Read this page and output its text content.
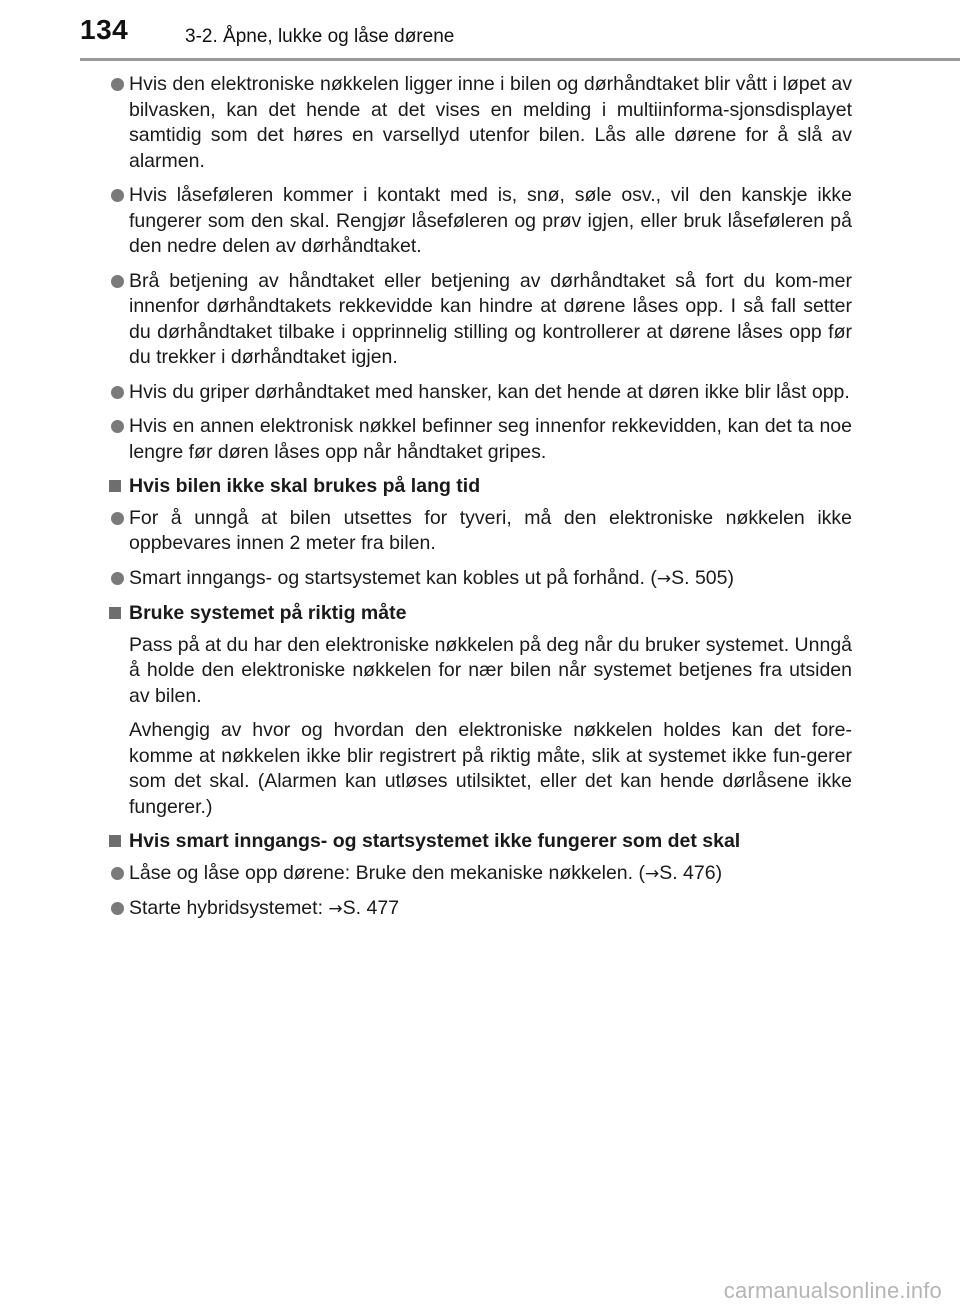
134	3-2. Åpne, lukke og låse dørene
Hvis den elektroniske nøkkelen ligger inne i bilen og dørhåndtaket blir vått i løpet av bilvasken, kan det hende at det vises en melding i multiinforma-sjonsdisplayet samtidig som det høres en varsellyd utenfor bilen. Lås alle dørene for å slå av alarmen.
Hvis låseføleren kommer i kontakt med is, snø, søle osv., vil den kanskje ikke fungerer som den skal. Rengjør låseføleren og prøv igjen, eller bruk låseføleren på den nedre delen av dørhåndtaket.
Brå betjening av håndtaket eller betjening av dørhåndtaket så fort du kom-mer innenfor dørhåndtakets rekkevidde kan hindre at dørene låses opp. I så fall setter du dørhåndtaket tilbake i opprinnelig stilling og kontrollerer at dørene låses opp før du trekker i dørhåndtaket igjen.
Hvis du griper dørhåndtaket med hansker, kan det hende at døren ikke blir låst opp.
Hvis en annen elektronisk nøkkel befinner seg innenfor rekkevidden, kan det ta noe lengre før døren låses opp når håndtaket gripes.
Hvis bilen ikke skal brukes på lang tid
For å unngå at bilen utsettes for tyveri, må den elektroniske nøkkelen ikke oppbevares innen 2 meter fra bilen.
Smart inngangs- og startsystemet kan kobles ut på forhånd. (→S. 505)
Bruke systemet på riktig måte
Pass på at du har den elektroniske nøkkelen på deg når du bruker systemet. Unngå å holde den elektroniske nøkkelen for nær bilen når systemet betjenes fra utsiden av bilen.
Avhengig av hvor og hvordan den elektroniske nøkkelen holdes kan det fore-komme at nøkkelen ikke blir registrert på riktig måte, slik at systemet ikke fun-gerer som det skal. (Alarmen kan utløses utilsiktet, eller det kan hende dørlåsene ikke fungerer.)
Hvis smart inngangs- og startsystemet ikke fungerer som det skal
Låse og låse opp dørene: Bruke den mekaniske nøkkelen. (→S. 476)
Starte hybridsystemet: →S. 477
carmanualsonline.info
